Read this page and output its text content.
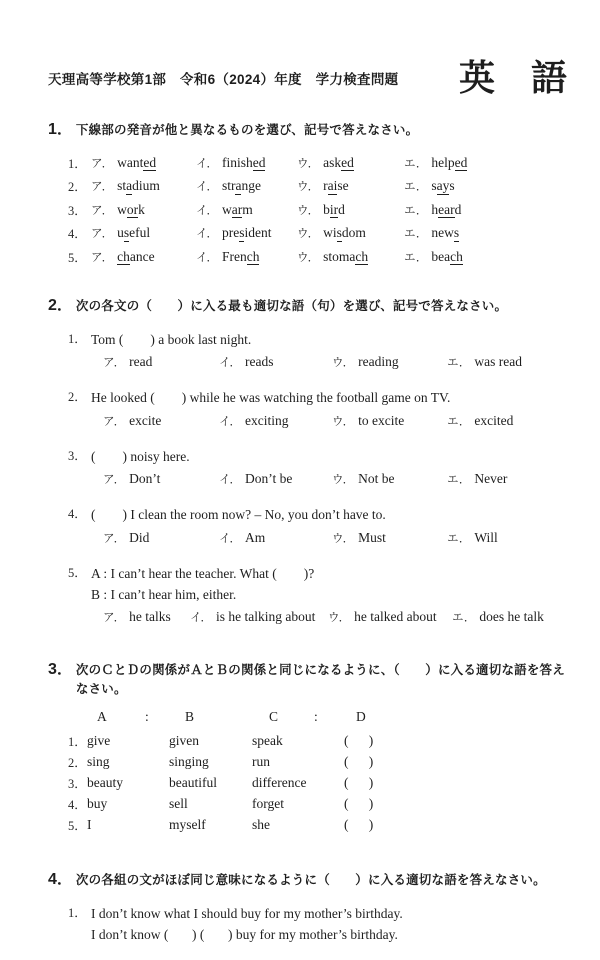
天理高等学校第1部　令和6（2024）年度　学力検査問題 英　語
1． 下線部の発音が他と異なるものを選び、記号で答えなさい。
1． ア． wanted	イ． finished	ウ． asked	エ． helped
2． ア． stadium	イ． strange	ウ． raise	エ． says
3． ア． work	イ． warm	ウ． bird	エ． heard
4． ア． useful	イ． president	ウ． wisdom	エ． news
5． ア． chance	イ． French	ウ． stomach	エ． beach
2． 次の各文の（　　）に入る最も適切な語（句）を選び、記号で答えなさい。
1． Tom (        ) a book last night.
ア． read	イ． reads	ウ． reading	エ． was read
2． He looked (        ) while he was watching the football game on TV.
ア． excite	イ． exciting	ウ． to excite	エ． excited
3． (        ) noisy here.
ア． Don’t	イ． Don’t be	ウ． Not be	エ． Never
4． (        ) I clean the room now? – No, you don’t have to.
ア． Did	イ． Am	ウ． Must	エ． Will
5． A : I can’t hear the teacher. What (        )?
B : I can’t hear him, either.
ア． he talks	イ． is he talking about	ウ． he talked about	エ． does he talk
3． 次のＣとＤの関係がＡとＢの関係と同じになるように、（　　）に入る適切な語を答えなさい。
A	:	B	C	:	D
1． give	given	speak	(      )
2． sing	singing	run	(      )
3． beauty	beautiful	difference	(      )
4． buy	sell	forget	(      )
5． I	myself	she	(      )
4． 次の各組の文がほぼ同じ意味になるように（　　）に入る適切な語を答えなさい。
1． I don’t know what I should buy for my mother’s birthday.
I don’t know (       ) (       ) buy for my mother’s birthday.
